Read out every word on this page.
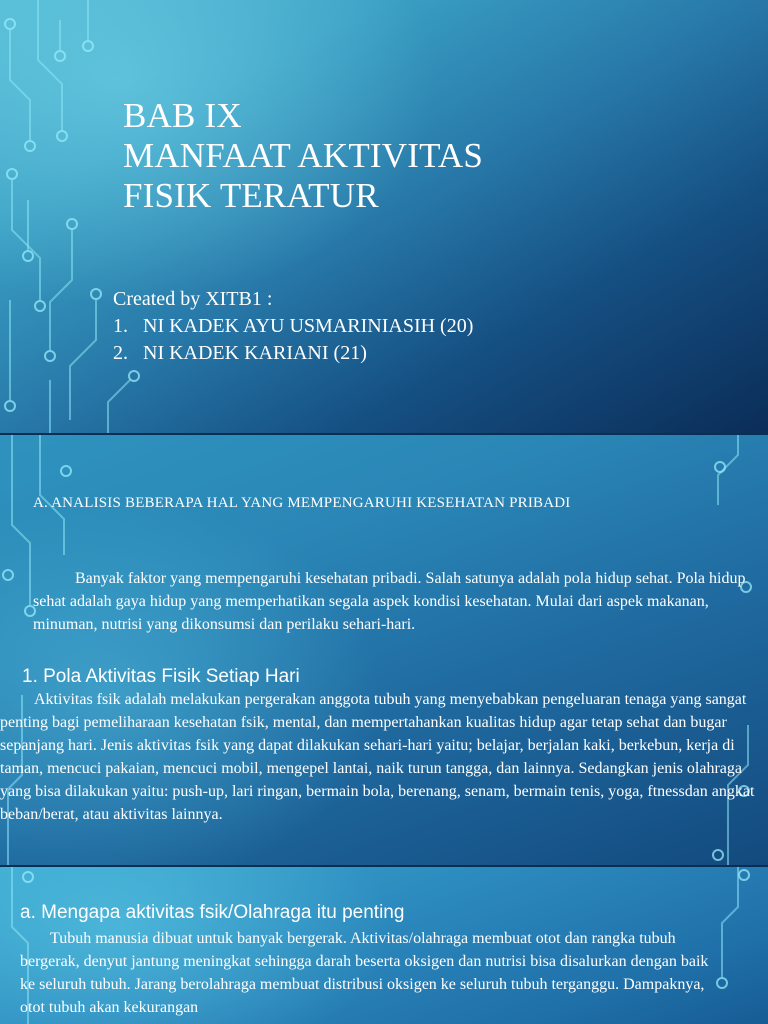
BAB IX
MANFAAT AKTIVITAS
FISIK TERATUR
Created by XITB1 :
1. NI KADEK AYU USMARINIASIH (20)
2. NI KADEK KARIANI (21)
A. ANALISIS BEBERAPA HAL YANG MEMPENGARUHI KESEHATAN PRIBADI

Banyak faktor yang mempengaruhi kesehatan pribadi. Salah satunya adalah pola hidup sehat. Pola hidup sehat adalah gaya hidup yang memperhatikan segala aspek kondisi kesehatan. Mulai dari aspek makanan, minuman, nutrisi yang dikonsumsi dan perilaku sehari-hari.

1. Pola Aktivitas Fisik Setiap Hari

Aktivitas fsik adalah melakukan pergerakan anggota tubuh yang menyebabkan pengeluaran tenaga yang sangat penting bagi pemeliharaan kesehatan fsik, mental, dan mempertahankan kualitas hidup agar tetap sehat dan bugar sepanjang hari. Jenis aktivitas fsik yang dapat dilakukan sehari-hari yaitu; belajar, berjalan kaki, berkebun, kerja di taman, mencuci pakaian, mencuci mobil, mengepel lantai, naik turun tangga, dan lainnya. Sedangkan jenis olahraga yang bisa dilakukan yaitu: push-up, lari ringan, bermain bola, berenang, senam, bermain tenis, yoga, ftnessdan angkat beban/berat, atau aktivitas lainnya.

a. Mengapa aktivitas fsik/Olahraga itu penting

Tubuh manusia dibuat untuk banyak bergerak. Aktivitas/olahraga membuat otot dan rangka tubuh bergerak, denyut jantung meningkat sehingga darah beserta oksigen dan nutrisi bisa disalurkan dengan baik ke seluruh tubuh. Jarang berolahraga membuat distribusi oksigen ke seluruh tubuh terganggu. Dampaknya, otot tubuh akan kekurangan
